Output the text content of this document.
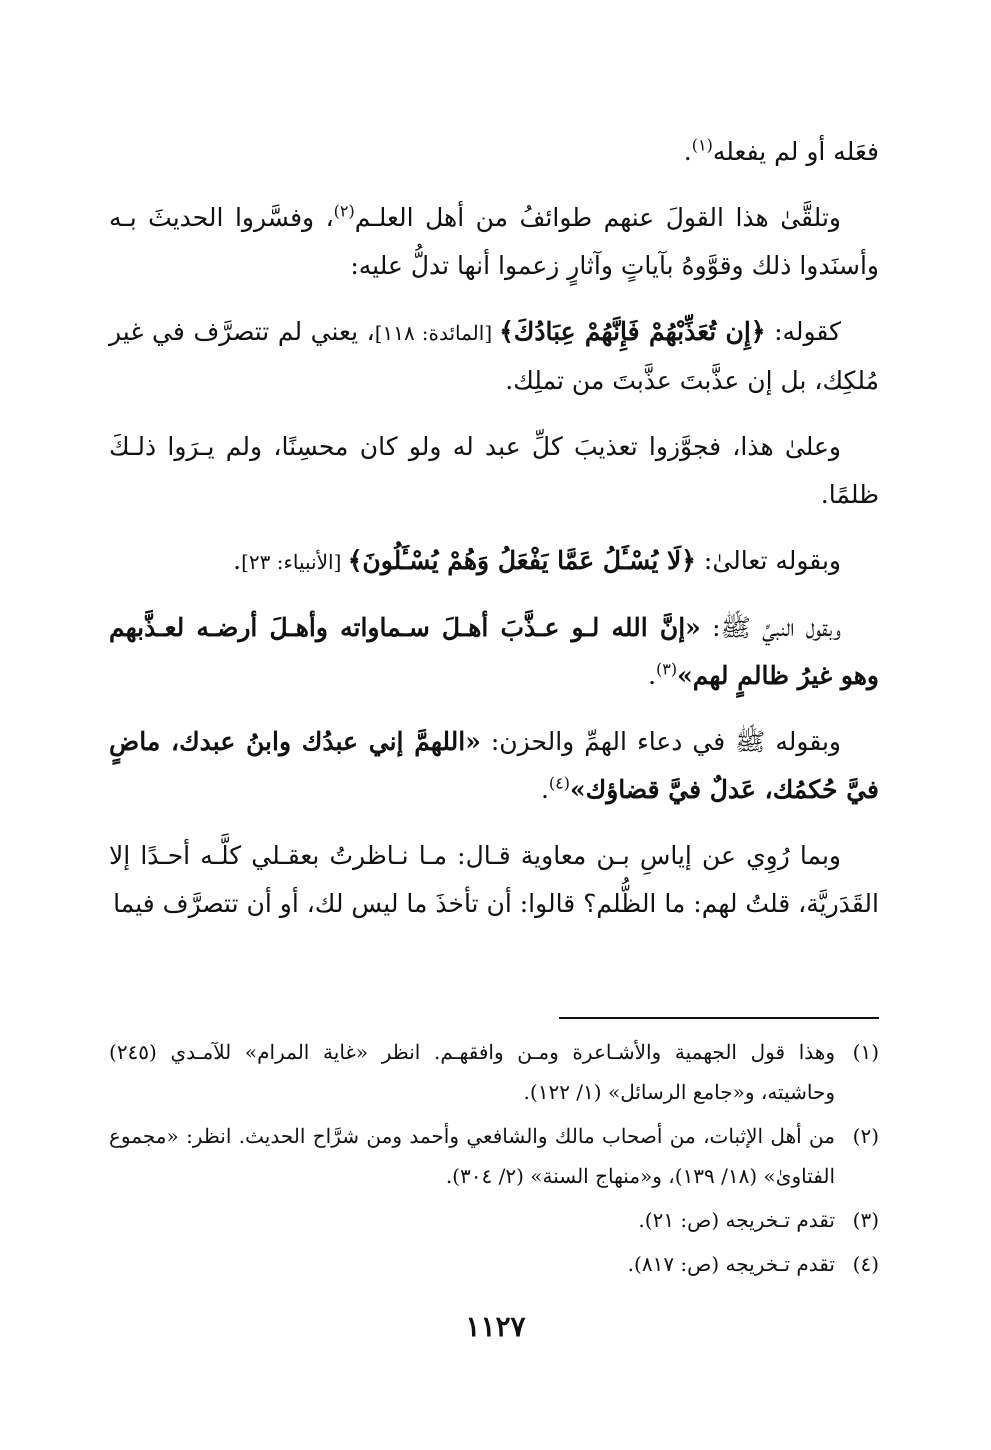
فعَله أو لم يفعله$^{(١)}$.

وتلقَّىٰ هذا القولَ عنهم طوائفُ من أهل العلـم$^{(٢)}$، وفسَّروا الحديثَ بـه وأسنَدوا ذلك وقوَّوهُ بآياتٍ وآثارٍ زعموا أنها تدلُّ عليه:

كقوله: ﴿إِن تُعَذِّبْهُمْ فَإِنَّهُمْ عِبَادُكَ﴾ [المائدة: ١١٨]، يعني لم تتصرَّف في غير مُلكِك، بل إن عذَّبتَ عذَّبتَ من تملِك.

وعلىٰ هذا، فجوَّزوا تعذيبَ كلِّ عبد له ولو كان محسِنًا، ولم يـرَوا ذلـكَ ظلمًا.

وبقوله تعالىٰ: ﴿لَا يُسْـَٔلُ عَمَّا يَفْعَلُ وَهُمْ يُسْـَٔلُونَ﴾ [الأنبياء: ٢٣].

وبقول النبيِّ ﷺ: «إنَّ الله لـو عـذَّبَ أهـلَ سـماواته وأهـلَ أرضـه لعـذَّبهم وهو غيرُ ظالمٍ لهم»$^{(٣)}$.

وبقوله ﷺ في دعاء الهمِّ والحزن: «اللهمَّ إني عبدُك وابنُ عبدك، ماضٍ فيَّ حُكمُك، عَدلٌ فيَّ قضاؤك»$^{(٤)}$.

وبما رُوِي عن إياسِ بـن معاوية قـال: مـا نـاظرتُ بعقـلي كلَّـه أحـدًا إلا القَدَريَّة، قلتُ لهم: ما الظُّلم؟ قالوا: أن تأخذَ ما ليس لك، أو أن تتصرَّف فيما

(١)
وهذا قول الجهمية والأشـاعرة ومـن وافقهـم. انظر «غاية المرام» للآمـدي (٢٤٥) وحاشيته، و«جامع الرسائل» (١/ ١٢٢).
(٢)
من أهل الإثبات، من أصحاب مالك والشافعي وأحمد ومن شرَّاح الحديث. انظر: «مجموع الفتاوىٰ» (١٨/ ١٣٩)، و«منهاج السنة» (٢/ ٣٠٤).
(٣)
تقدم تـخريجه (ص: ٢١).
(٤)
تقدم تـخريجه (ص: ٨١٧).
١١٢٧
